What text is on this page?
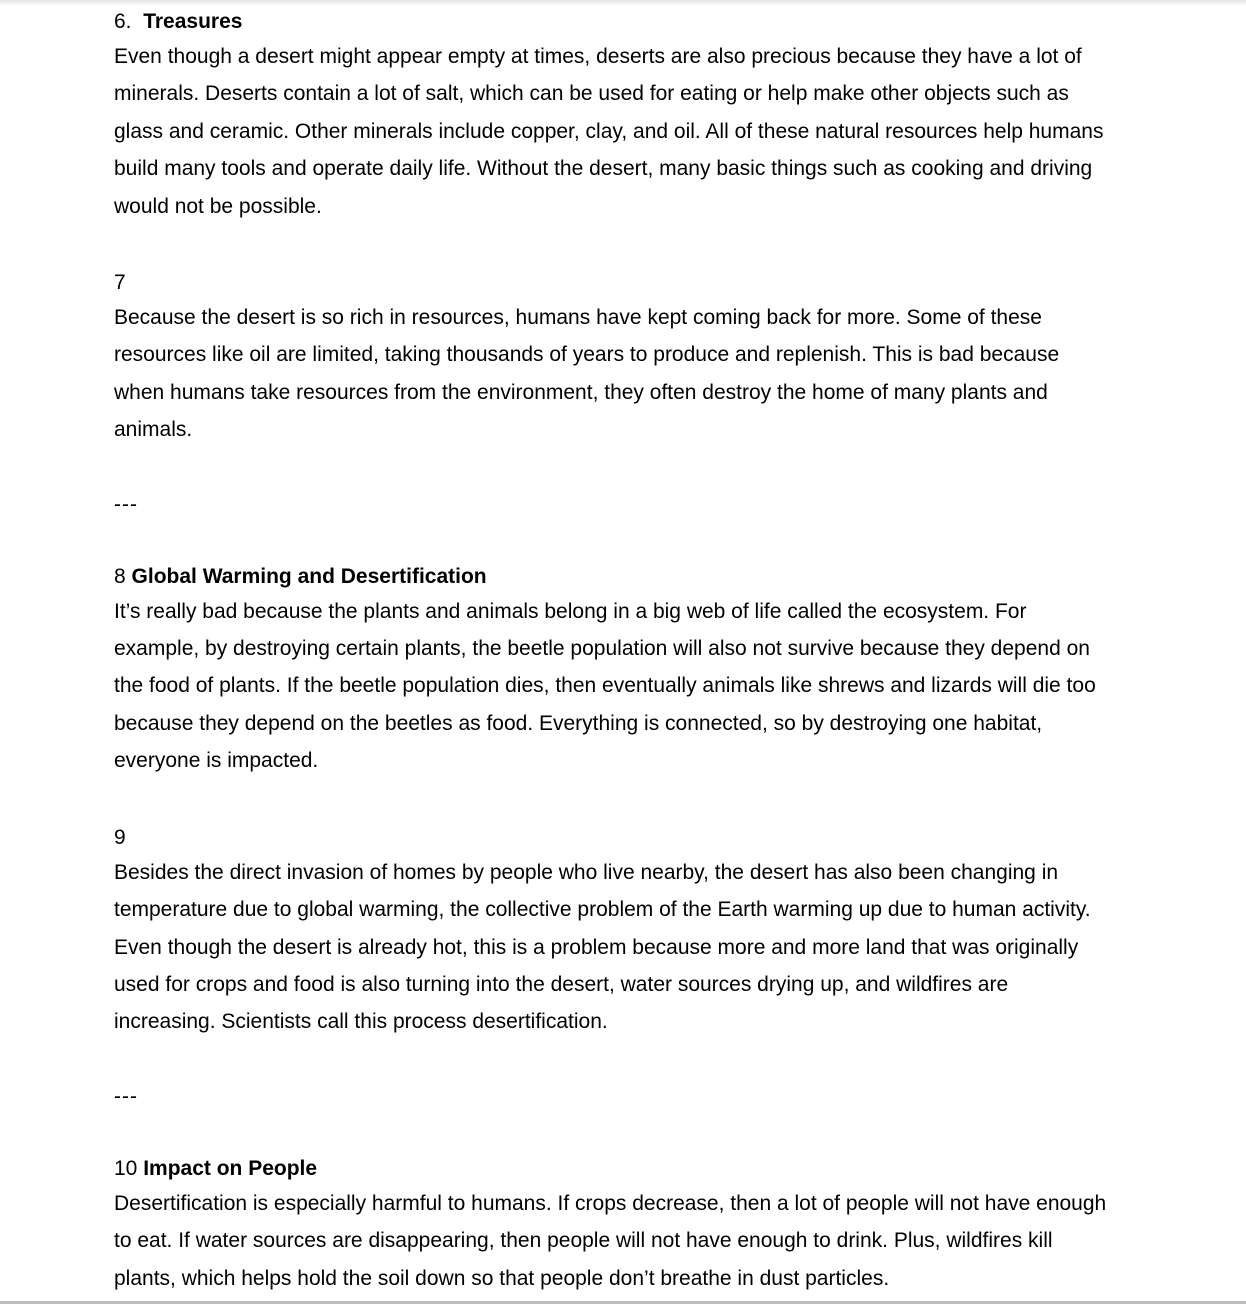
6. Treasures

Even though a desert might appear empty at times, deserts are also precious because they have a lot of minerals. Deserts contain a lot of salt, which can be used for eating or help make other objects such as glass and ceramic. Other minerals include copper, clay, and oil. All of these natural resources help humans build many tools and operate daily life. Without the desert, many basic things such as cooking and driving would not be possible.

7

Because the desert is so rich in resources, humans have kept coming back for more. Some of these resources like oil are limited, taking thousands of years to produce and replenish. This is bad because when humans take resources from the environment, they often destroy the home of many plants and animals.

---

8 Global Warming and Desertification

It’s really bad because the plants and animals belong in a big web of life called the ecosystem. For example, by destroying certain plants, the beetle population will also not survive because they depend on the food of plants. If the beetle population dies, then eventually animals like shrews and lizards will die too because they depend on the beetles as food. Everything is connected, so by destroying one habitat, everyone is impacted.

9

Besides the direct invasion of homes by people who live nearby, the desert has also been changing in temperature due to global warming, the collective problem of the Earth warming up due to human activity. Even though the desert is already hot, this is a problem because more and more land that was originally used for crops and food is also turning into the desert, water sources drying up, and wildfires are increasing. Scientists call this process desertification.

---

10 Impact on People

Desertification is especially harmful to humans. If crops decrease, then a lot of people will not have enough to eat. If water sources are disappearing, then people will not have enough to drink. Plus, wildfires kill plants, which helps hold the soil down so that people don’t breathe in dust particles.
